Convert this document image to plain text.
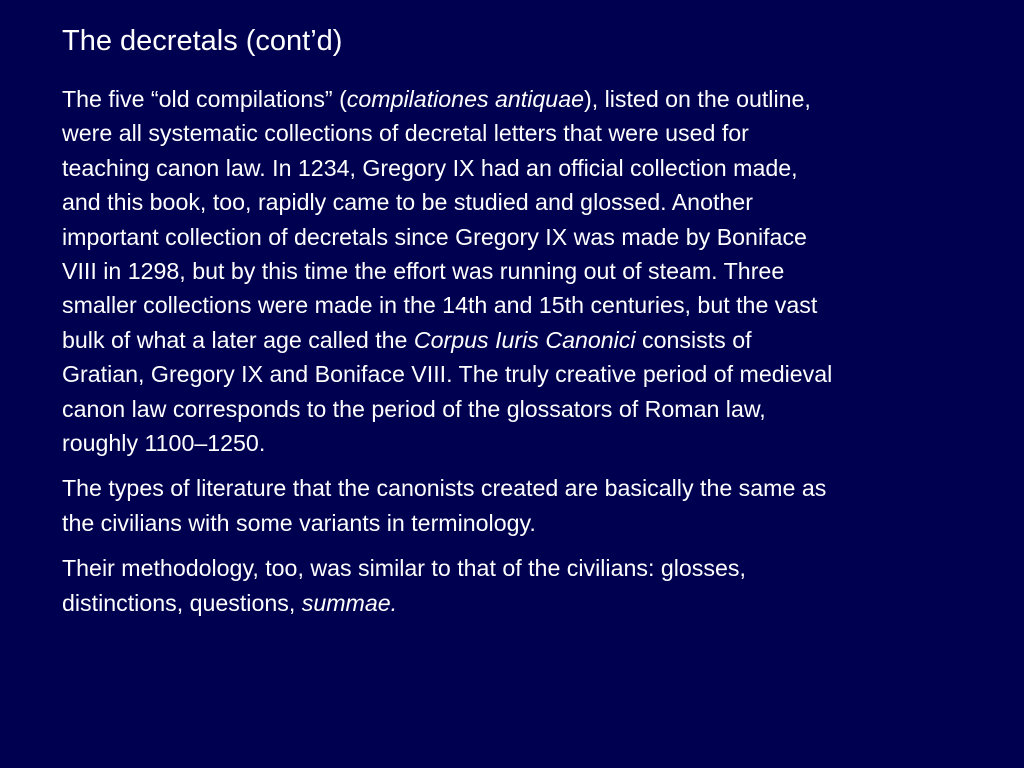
The decretals (cont’d)

The five “old compilations” (compilationes antiquae), listed on the outline,
were all systematic collections of decretal letters that were used for
teaching canon law. In 1234, Gregory IX had an official collection made,
and this book, too, rapidly came to be studied and glossed. Another
important collection of decretals since Gregory IX was made by Boniface
VIII in 1298, but by this time the effort was running out of steam. Three
smaller collections were made in the 14th and 15th centuries, but the vast
bulk of what a later age called the Corpus Iuris Canonici consists of
Gratian, Gregory IX and Boniface VIII. The truly creative period of medieval
canon law corresponds to the period of the glossators of Roman law,
roughly 1100–1250.

The types of literature that the canonists created are basically the same as
the civilians with some variants in terminology.

Their methodology, too, was similar to that of the civilians: glosses,
distinctions, questions, summae.
